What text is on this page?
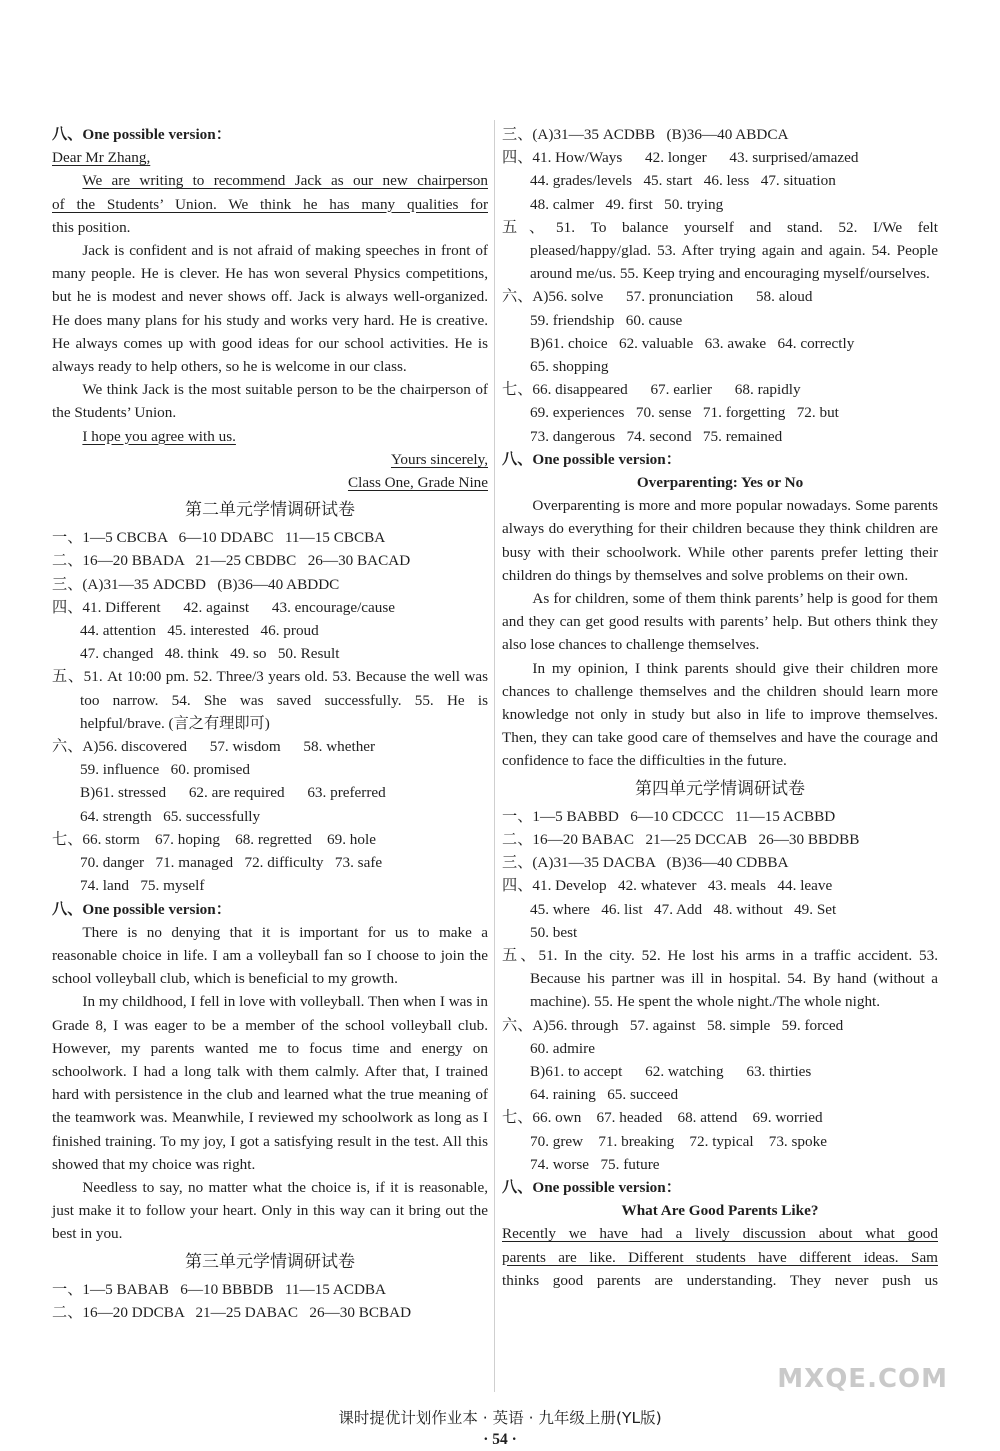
八、One possible version：

Dear Mr Zhang,

We are writing to recommend Jack as our new chairperson

of the Students’ Union. We think he has many qualities for

this position.

Jack is confident and is not afraid of making speeches in front of many people. He is clever. He has won several Physics competitions, but he is modest and never shows off. Jack is always well-organized. He does many plans for his study and works very hard. He is creative. He always comes up with good ideas for our school activities. He is always ready to help others, so he is welcome in our class.

We think Jack is the most suitable person to be the chairperson of the Students’ Union.

I hope you agree with us.

Yours sincerely,

Class One, Grade Nine

第二单元学情调研试卷

一、1—5 CBCBA   6—10 DDABC   11—15 CBCBA

二、16—20 BBADA   21—25 CBDBC   26—30 BACAD

三、(A)31—35 ADCBD   (B)36—40 ABDDC

四、41. Different      42. against      43. encourage/cause

44. attention   45. interested   46. proud

47. changed   48. think   49. so   50. Result

五、51. At 10:00 pm. 52. Three/3 years old. 53. Because the well was too narrow. 54. She was saved successfully. 55. He is helpful/brave. (言之有理即可)

六、A)56. discovered      57. wisdom      58. whether

59. influence   60. promised

B)61. stressed      62. are required      63. preferred

64. strength   65. successfully

七、66. storm    67. hoping    68. regretted    69. hole

70. danger   71. managed   72. difficulty   73. safe

74. land   75. myself

八、One possible version：

There is no denying that it is important for us to make a reasonable choice in life. I am a volleyball fan so I choose to join the school volleyball club, which is beneficial to my growth.

In my childhood, I fell in love with volleyball. Then when I was in Grade 8, I was eager to be a member of the school volleyball club. However, my parents wanted me to focus time and energy on schoolwork. I had a long talk with them calmly. After that, I trained hard with persistence in the club and learned what the true meaning of the teamwork was. Meanwhile, I reviewed my schoolwork as long as I finished training. To my joy, I got a satisfying result in the test. All this showed that my choice was right.

Needless to say, no matter what the choice is, if it is reasonable, just make it to follow your heart. Only in this way can it bring out the best in you.

第三单元学情调研试卷

一、1—5 BABAB   6—10 BBBDB   11—15 ACDBA

二、16—20 DDCBA   21—25 DABAC   26—30 BCBAD

三、(A)31—35 ACDBB   (B)36—40 ABDCA

四、41. How/Ways      42. longer      43. surprised/amazed

44. grades/levels   45. start   46. less   47. situation

48. calmer   49. first   50. trying

五、51. To balance yourself and stand. 52. I/We felt pleased/happy/glad. 53. After trying again and again. 54. People around me/us. 55. Keep trying and encouraging myself/ourselves.

六、A)56. solve      57. pronunciation      58. aloud

59. friendship   60. cause

B)61. choice   62. valuable   63. awake   64. correctly

65. shopping

七、66. disappeared      67. earlier      68. rapidly

69. experiences   70. sense   71. forgetting   72. but

73. dangerous   74. second   75. remained

八、One possible version：

Overparenting: Yes or No

Overparenting is more and more popular nowadays. Some parents always do everything for their children because they think children are busy with their schoolwork. While other parents prefer letting their children do things by themselves and solve problems on their own.

As for children, some of them think parents’ help is good for them and they can get good results with parents’ help. But others think they also lose chances to challenge themselves.

In my opinion, I think parents should give their children more chances to challenge themselves and the children should learn more knowledge not only in study but also in life to improve themselves. Then, they can take good care of themselves and have the courage and confidence to face the difficulties in the future.

第四单元学情调研试卷

一、1—5 BABBD   6—10 CDCCC   11—15 ACBBD

二、16—20 BABAC   21—25 DCCAB   26—30 BBDBB

三、(A)31—35 DACBA   (B)36—40 CDBBA

四、41. Develop   42. whatever   43. meals   44. leave

45. where   46. list   47. Add   48. without   49. Set

50. best

五、51. In the city. 52. He lost his arms in a traffic accident. 53. Because his partner was ill in hospital. 54. By hand (without a machine). 55. He spent the whole night./The whole night.

六、A)56. through   57. against   58. simple   59. forced

60. admire

B)61. to accept      62. watching      63. thirties

64. raining   65. succeed

七、66. own    67. headed    68. attend    69. worried

70. grew    71. breaking    72. typical    73. spoke

74. worse   75. future

八、One possible version：

What Are Good Parents Like?

Recently we have had a lively discussion about what good

parents are like. Different students have different ideas. Sam

thinks good parents are understanding. They never push us

MXQE.COM
课时提优计划作业本 · 英语 · 九年级上册(YL版)
· 54 ·
